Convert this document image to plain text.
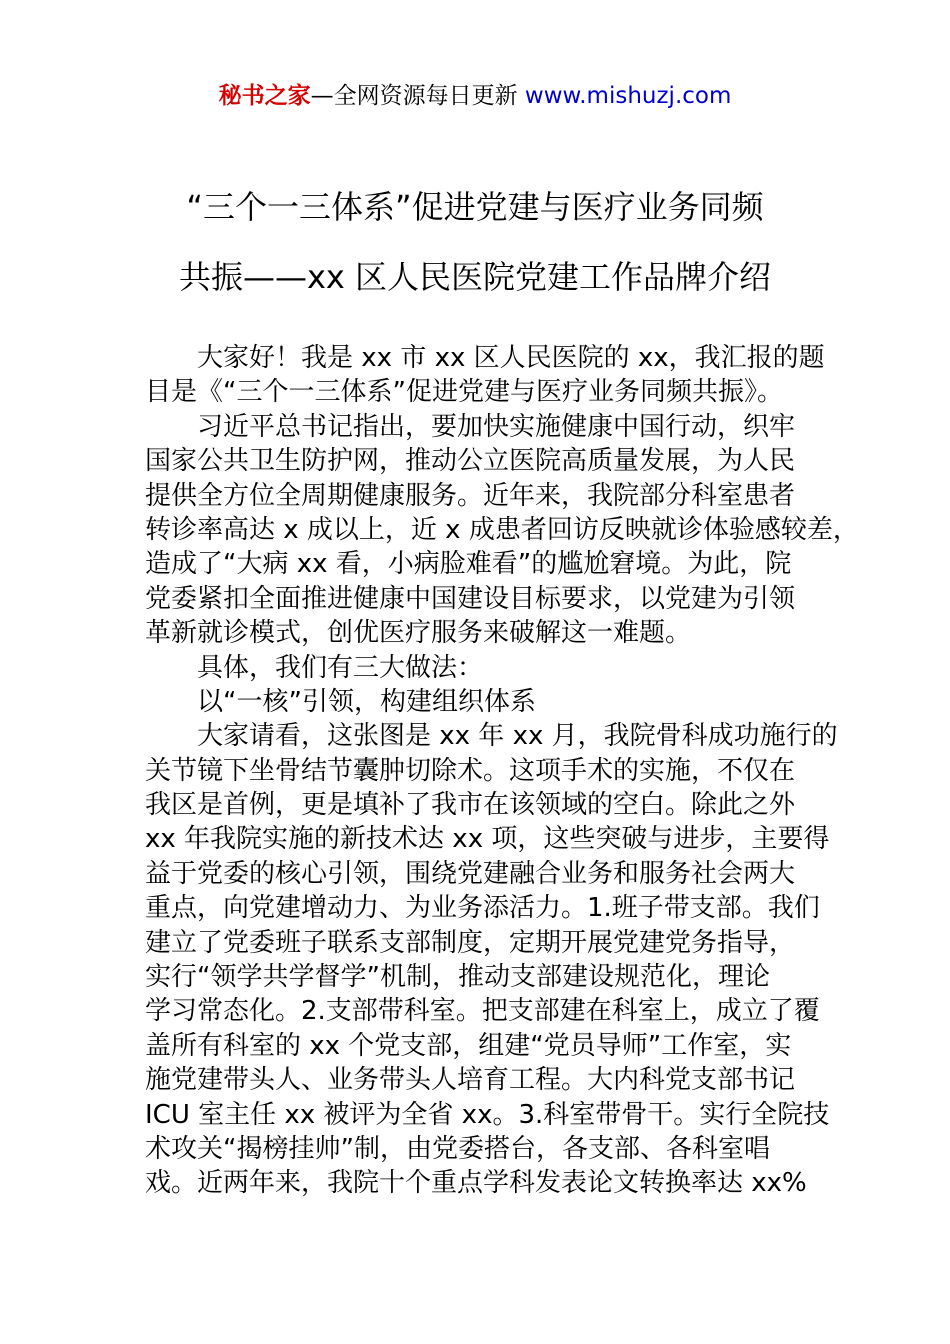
秘书之家—全网资源每日更新 www.mishuzj.com
“三个一三体系”促进党建与医疗业务同频
共振——xx 区人民医院党建工作品牌介绍
大家好！我是 xx 市 xx 区人民医院的 xx，我汇报的题
目是《“三个一三体系”促进党建与医疗业务同频共振》。
习近平总书记指出，要加快实施健康中国行动，织牢
国家公共卫生防护网，推动公立医院高质量发展，为人民
提供全方位全周期健康服务。近年来，我院部分科室患者
转诊率高达 x 成以上，近 x 成患者回访反映就诊体验感较差，
造成了“大病 xx 看，小病脸难看”的尴尬窘境。为此，院
党委紧扣全面推进健康中国建设目标要求，以党建为引领
革新就诊模式，创优医疗服务来破解这一难题。
具体，我们有三大做法：
以“一核”引领，构建组织体系
大家请看，这张图是 xx 年 xx 月，我院骨科成功施行的
关节镜下坐骨结节囊肿切除术。这项手术的实施，不仅在
我区是首例，更是填补了我市在该领域的空白。除此之外
xx 年我院实施的新技术达 xx 项，这些突破与进步，主要得
益于党委的核心引领，围绕党建融合业务和服务社会两大
重点，向党建增动力、为业务添活力。1.班子带支部。我们
建立了党委班子联系支部制度，定期开展党建党务指导，
实行“领学共学督学”机制，推动支部建设规范化，理论
学习常态化。2.支部带科室。把支部建在科室上，成立了覆
盖所有科室的 xx 个党支部，组建“党员导师”工作室，实
施党建带头人、业务带头人培育工程。大内科党支部书记
ICU 室主任 xx 被评为全省 xx。3.科室带骨干。实行全院技
术攻关“揭榜挂帅”制，由党委搭台，各支部、各科室唱
戏。近两年来，我院十个重点学科发表论文转换率达 xx%
